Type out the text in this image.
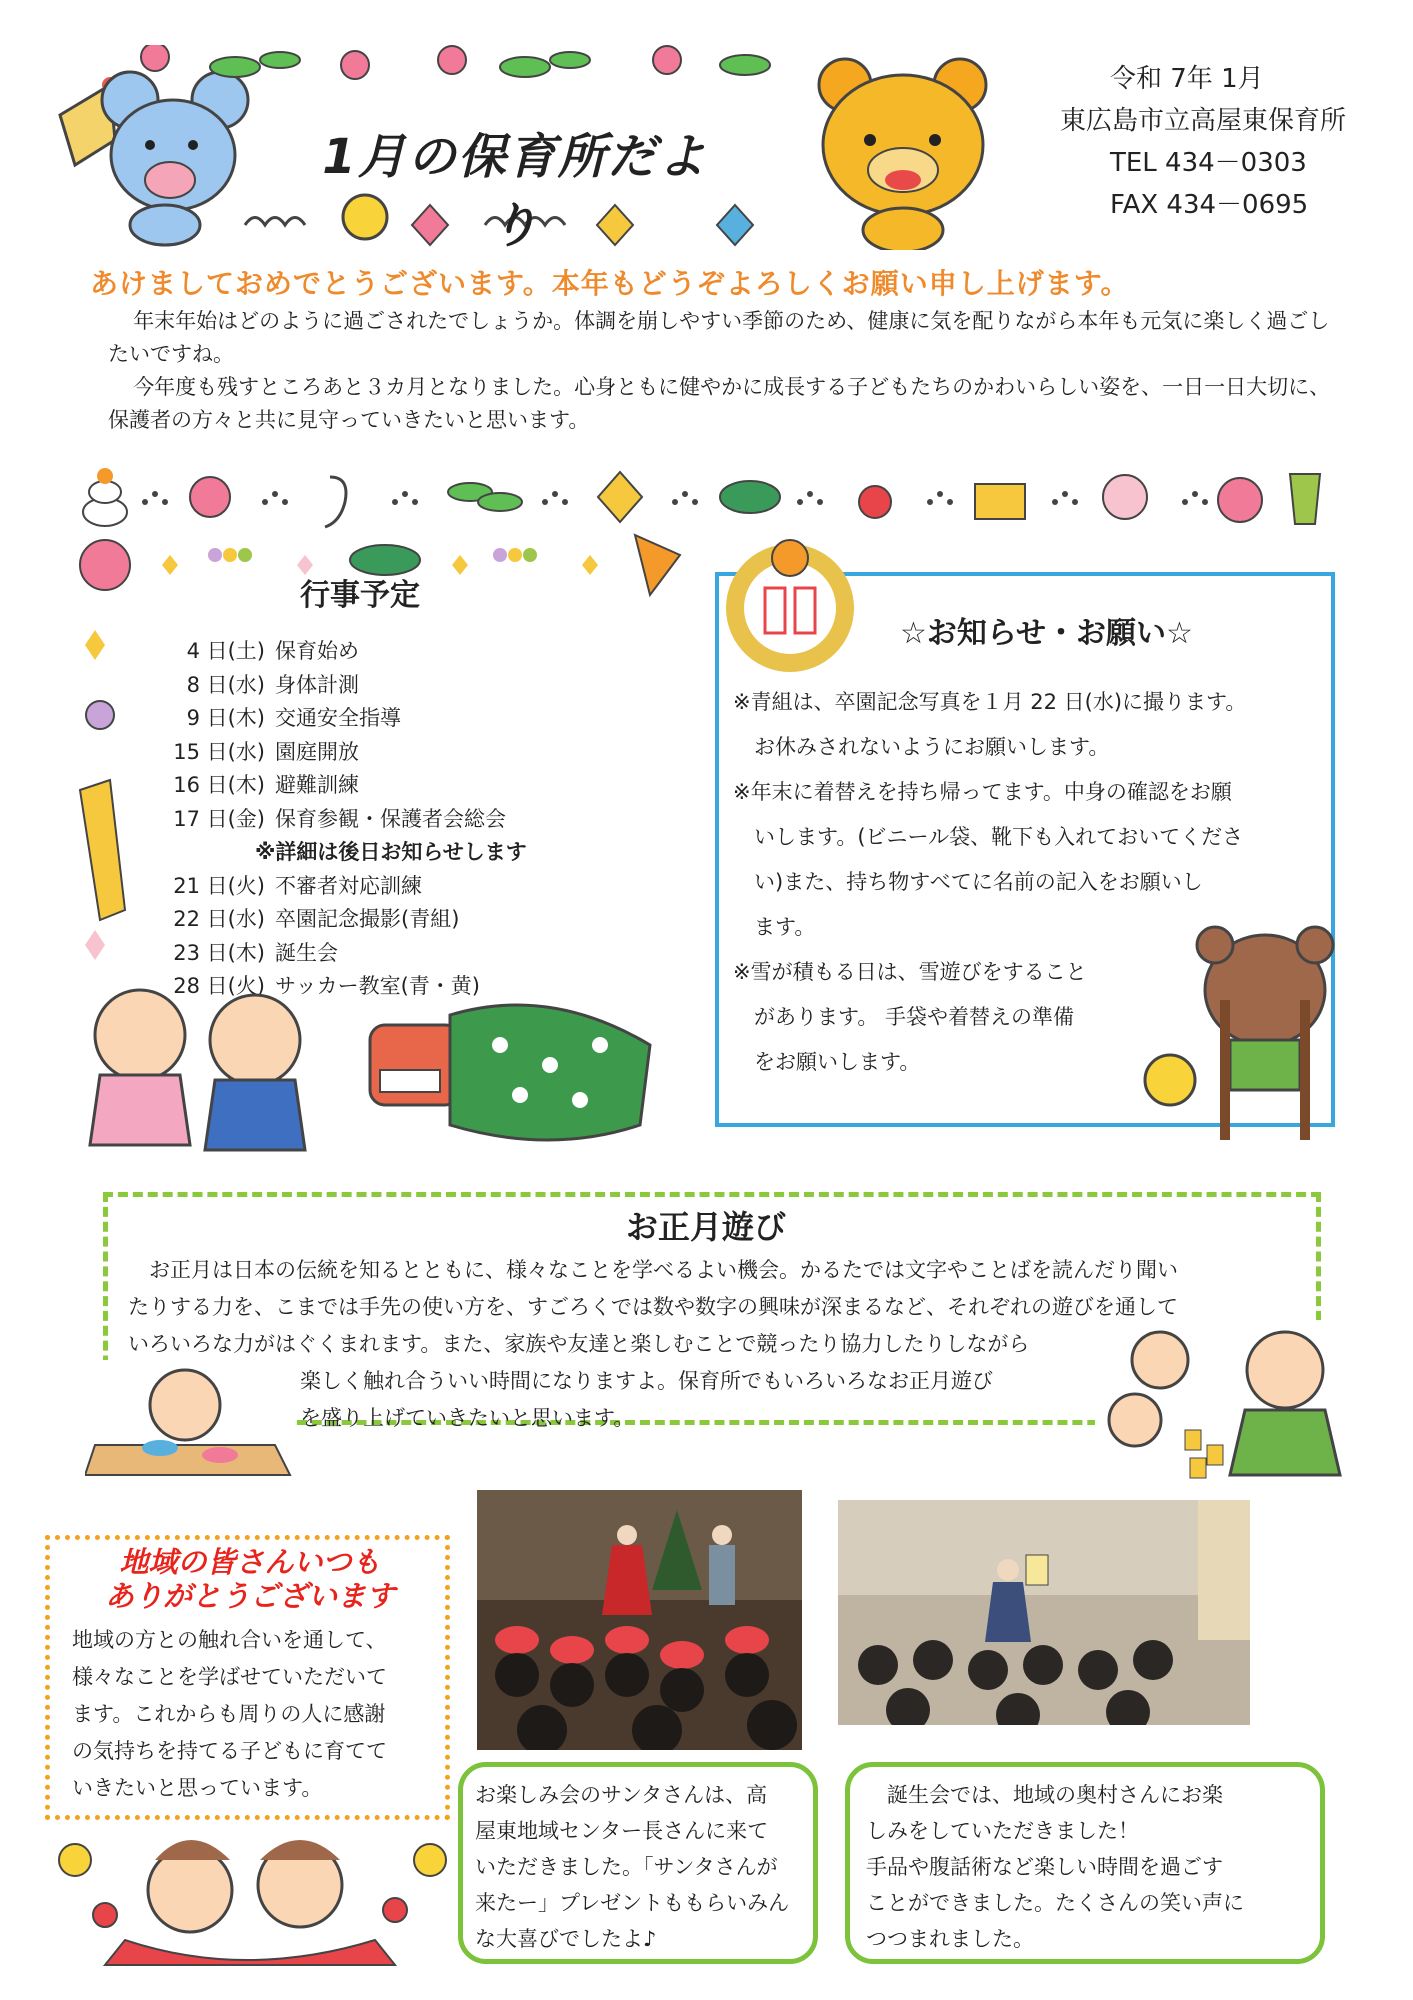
1月の保育所だより
令和 7年 1月
東広島市立高屋東保育所
TEL 434－0303
FAX 434－0695
あけましておめでとうございます。本年もどうぞよろしくお願い申し上げます。

年末年始はどのように過ごされたでしょうか。体調を崩しやすい季節のため、健康に気を配りながら本年も元気に楽しく過ごしたいですね。

今年度も残すところあと３カ月となりました。心身ともに健やかに成長する子どもたちのかわいらしい姿を、一日一日大切に、保護者の方々と共に見守っていきたいと思います。

行事予定
4 日(土) 保育始め
8 日(水) 身体計測
9 日(木) 交通安全指導
15 日(水) 園庭開放
16 日(木) 避難訓練
17 日(金) 保育参観・保護者会総会
※詳細は後日お知らせします
21 日(火) 不審者対応訓練
22 日(水) 卒園記念撮影(青組)
23 日(木) 誕生会
28 日(火) サッカー教室(青・黄)
☆お知らせ・お願い☆
※青組は、卒園記念写真を１月 22 日(水)に撮ります。
　お休みされないようにお願いします。
※年末に着替えを持ち帰ってます。中身の確認をお願
　いします。(ビニール袋、靴下も入れておいてくださ
　い)また、持ち物すべてに名前の記入をお願いし
　ます。
※雪が積もる日は、雪遊びをすること
　があります。 手袋や着替えの準備
　をお願いします。
お正月遊び
　お正月は日本の伝統を知るとともに、様々なことを学べるよい機会。かるたでは文字やことばを読んだり聞い
たりする力を、こまでは手先の使い方を、すごろくでは数や数字の興味が深まるなど、それぞれの遊びを通して
いろいろな力がはぐくまれます。また、家族や友達と楽しむことで競ったり協力したりしながら
楽しく触れ合ういい時間になりますよ。保育所でもいろいろなお正月遊び
を盛り上げていきたいと思います。
地域の皆さんいつも
ありがとうございます
地域の方との触れ合いを通して、
様々なことを学ばせていただいて
ます。これからも周りの人に感謝
の気持ちを持てる子どもに育てて
いきたいと思っています。	お楽しみ会のサンタさんは、高
屋東地域センター長さんに来て
いただきました。「サンタさんが
来たー」プレゼントももらいみん
な大喜びでしたよ♪
　誕生会では、地域の奥村さんにお楽
しみをしていただきました！
手品や腹話術など楽しい時間を過ごす
ことができました。たくさんの笑い声に
つつまれました。
